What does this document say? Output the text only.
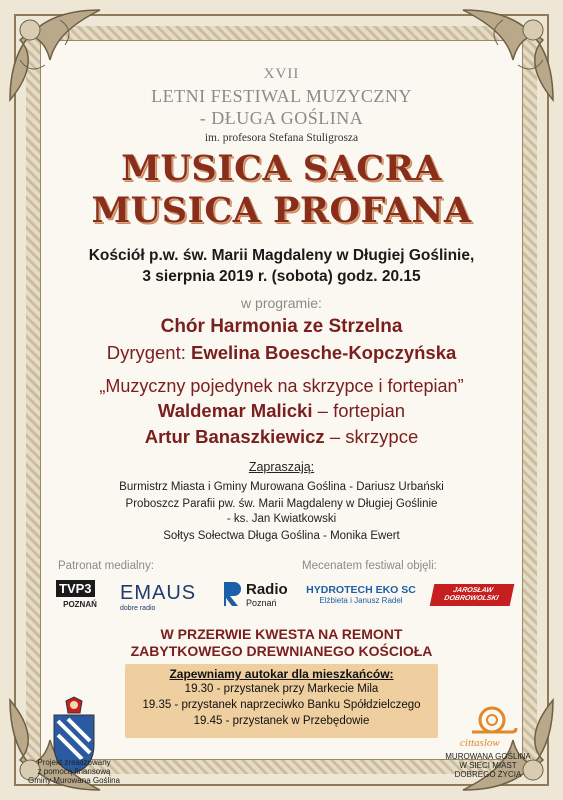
XVII
LETNI FESTIWAL MUZYCZNY
- DŁUGA GOŚLINA
im. profesora Stefana Stuligrosza
MUSICA SACRA
MUSICA PROFANA
Kościół p.w. św. Marii Magdaleny w Długiej Goślinie,
3 sierpnia 2019 r. (sobota) godz. 20.15
w programie:
Chór Harmonia ze Strzelna
Dyrygent: Ewelina Boesche-Kopczyńska
„Muzyczny pojedynek na skrzypce i fortepian”
Waldemar Malicki – fortepian
Artur Banaszkiewicz – skrzypce
Zapraszają:
Burmistrz Miasta i Gminy Murowana Goślina - Dariusz Urbański
Proboszcz Parafii pw. św. Marii Magdaleny w Długiej Goślinie
- ks. Jan Kwiatkowski
Sołtys Sołectwa Długa Goślina - Monika Ewert
Patronat medialny:	Mecenatem festiwal objęli:
TVP3
POZNAŃ
EMAUS
dobre radio
Radio
Poznań
HYDROTECH EKO SC
Elżbieta i Janusz Radel
JAROSŁAW DOBROWOLSKI
W PRZERWIE KWESTA NA REMONT
ZABYTKOWEGO DREWNIANEGO KOŚCIOŁA
Zapewniamy autokar dla mieszkańców:
19.30 - przystanek przy Markecie Mila
19.35 - przystanek naprzeciwko Banku Spółdzielczego
19.45 - przystanek w Przebędowie
Projekt zrealizowany
z pomocą finansową
Gminy Murowana Goślina
cittaslow
MUROWANA GOŚLINA
W SIECI MIAST
DOBREGO ŻYCIA
